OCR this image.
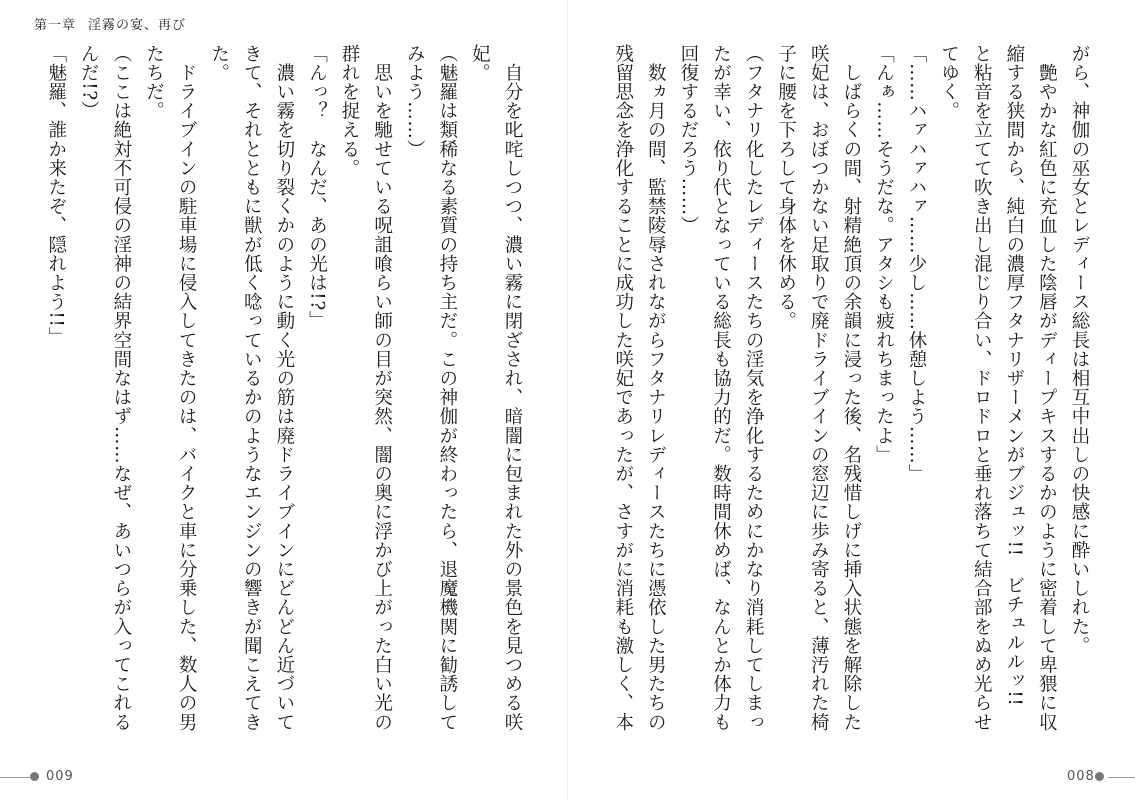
第一章 淫霧の宴、再び

がら、神伽の巫女とレディース総長は相互中出しの快感に酔いしれた。

　艶やかな紅色に充血した陰唇がディープキスするかのように密着して卑猥に収縮する狭間から、純白の濃厚フタナリザーメンがブジュッ!!　ビチュルルッ!!　と粘音を立てて吹き出し混じり合い、ドロドロと垂れ落ちて結合部をぬめ光らせてゆく。

「……ハァハァハァ……少し……休憩しよう……」

「んぁ……そうだな。アタシも疲れちまったよ」

　しばらくの間、射精絶頂の余韻に浸った後、名残惜しげに挿入状態を解除した咲妃は、おぼつかない足取りで廃ドライブインの窓辺に歩み寄ると、薄汚れた椅子に腰を下ろして身体を休める。

（フタナリ化したレディースたちの淫気を浄化するためにかなり消耗してしまったが幸い、依り代となっている総長も協力的だ。数時間休めば、なんとか体力も回復するだろう……）

　数ヵ月の間、監禁陵辱されながらフタナリレディースたちに憑依した男たちの残留思念を浄化することに成功した咲妃であったが、さすがに消耗も激しく、本

　自分を叱咤しつつ、濃い霧に閉ざされ、暗闇に包まれた外の景色を見つめる咲妃。

（魅羅は類稀なる素質の持ち主だ。この神伽が終わったら、退魔機関に勧誘してみよう……）

　思いを馳せている呪詛喰らい師の目が突然、闇の奥に浮かび上がった白い光の群れを捉える。

「んっ？　なんだ、あの光は!?」

　濃い霧を切り裂くかのように動く光の筋は廃ドライブインにどんどん近づいてきて、それとともに獣が低く唸っているかのようなエンジンの響きが聞こえてきた。

　ドライブインの駐車場に侵入してきたのは、バイクと車に分乗した、数人の男たちだ。

（ここは絶対不可侵の淫神の結界空間なはず……なぜ、あいつらが入ってこれるんだ!?）

「魅羅、誰か来たぞ、隠れよう!!」

009	008
